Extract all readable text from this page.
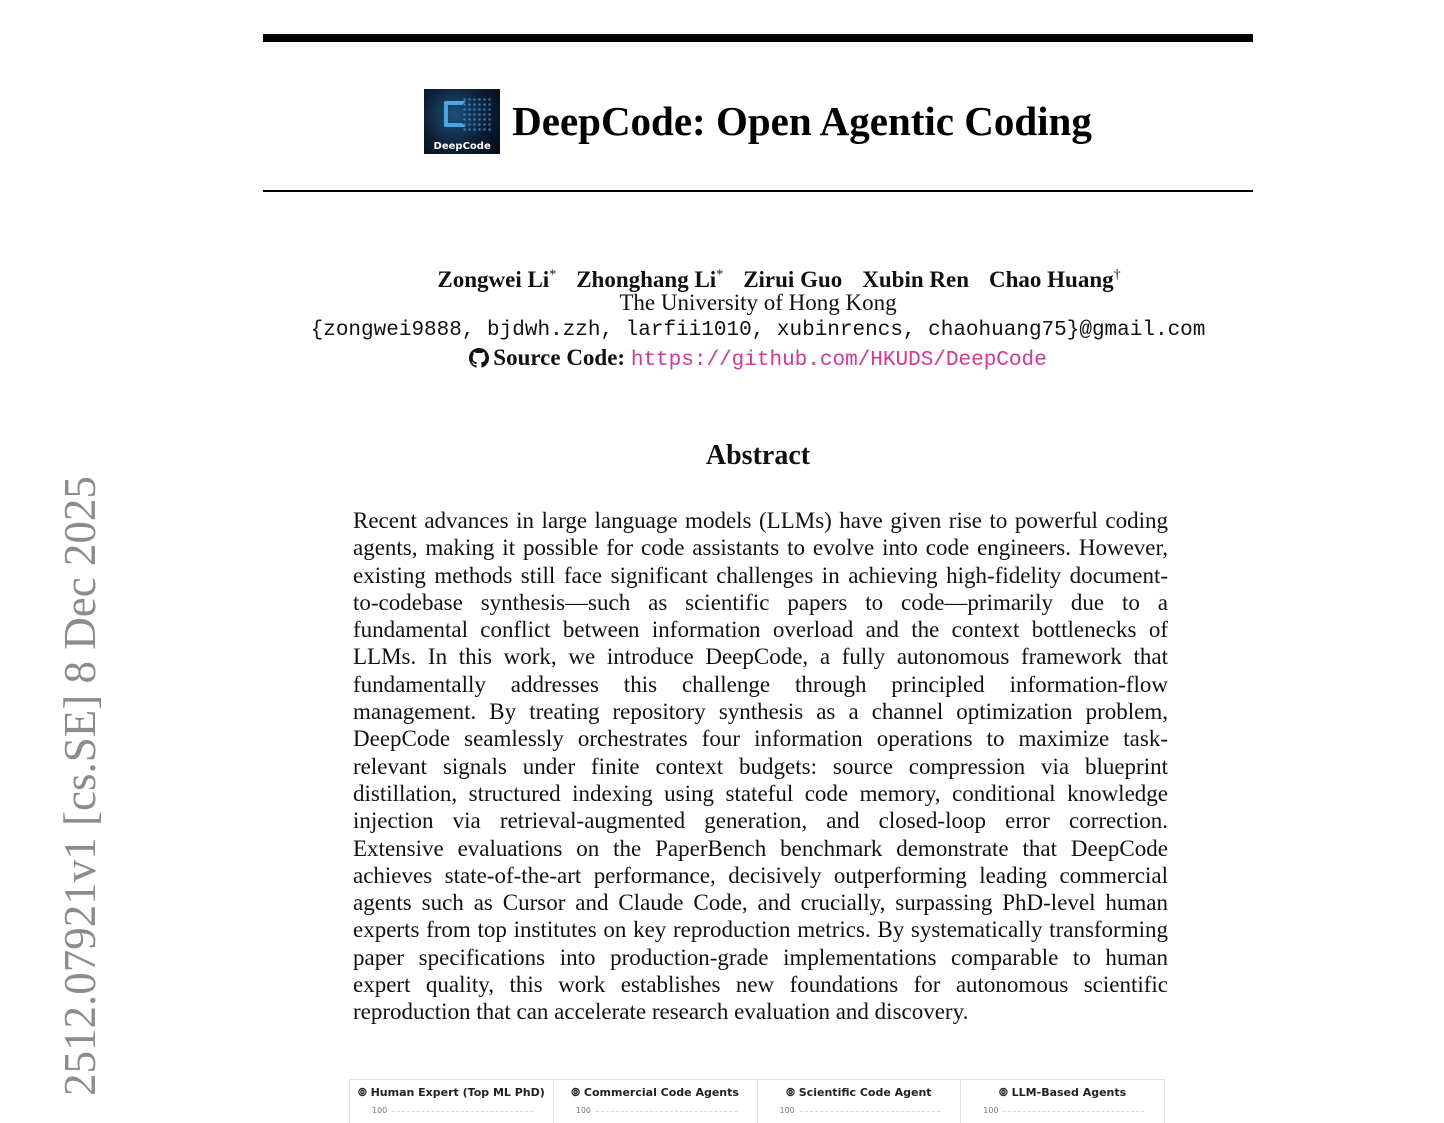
2512.07921v1 [cs.SE] 8 Dec 2025
DeepCode
DeepCode: Open Agentic Coding
Zongwei Li* Zhonghang Li* Zirui Guo Xubin Ren Chao Huang†
The University of Hong Kong
{zongwei9888, bjdwh.zzh, larfii1010, xubinrencs, chaohuang75}@gmail.com
Source Code: https://github.com/HKUDS/DeepCode
Abstract
Recent advances in large language models (LLMs) have given rise to powerful coding agents, making it possible for code assistants to evolve into code engineers. However, existing methods still face significant challenges in achieving high-fidelity document-to-codebase synthesis—such as scientific papers to code—primarily due to a fundamental conflict between information overload and the context bottlenecks of LLMs. In this work, we introduce DeepCode, a fully autonomous framework that fundamentally addresses this challenge through principled information-flow management. By treating repository synthesis as a channel optimization problem, DeepCode seamlessly orchestrates four information operations to maximize task-relevant signals under finite context budgets: source compression via blueprint distillation, structured indexing using stateful code memory, conditional knowledge injection via retrieval-augmented generation, and closed-loop error correction. Extensive evaluations on the PaperBench benchmark demonstrate that DeepCode achieves state-of-the-art performance, decisively outperforming leading commercial agents such as Cursor and Claude Code, and crucially, surpassing PhD-level human experts from top institutes on key reproduction metrics. By systematically transforming paper specifications into production-grade implementations comparable to human expert quality, this work establishes new foundations for autonomous scientific reproduction that can accelerate research evaluation and discovery.
⦾ Human Expert (Top ML PhD)
100
⦾ Commercial Code Agents
100
⦾ Scientific Code Agent
100
⦾ LLM-Based Agents
100
